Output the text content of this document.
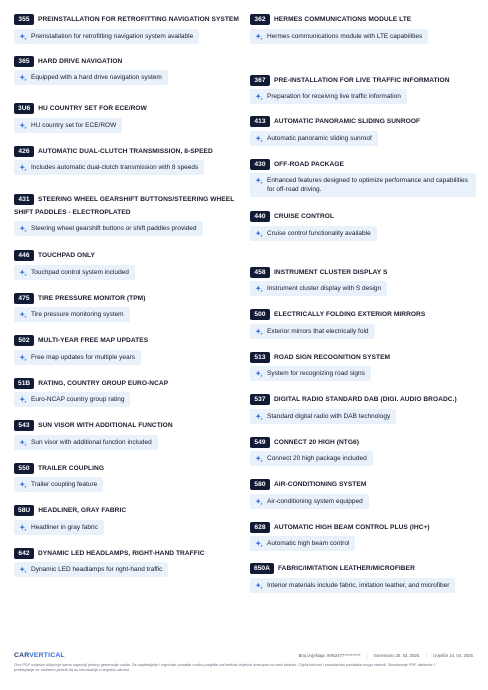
355 PREINSTALLATION FOR RETROFITTING NAVIGATION SYSTEM
Preinstallation for retrofitting navigation system available
365 HARD DRIVE NAVIGATION
Equipped with a hard drive navigation system
3U6 HU COUNTRY SET FOR ECE/ROW
HU country set for ECE/ROW
426 AUTOMATIC DUAL-CLUTCH TRANSMISSION, 8-SPEED
Includes automatic dual-clutch transmission with 8 speeds
431 STEERING WHEEL GEARSHIFT BUTTONS/STEERING WHEEL SHIFT PADDLES - ELECTROPLATED
Steering wheel gearshift buttons or shift paddles provided
446 TOUCHPAD ONLY
Touchpad control system included
475 TIRE PRESSURE MONITOR (TPM)
Tire pressure monitoring system
502 MULTI-YEAR FREE MAP UPDATES
Free map updates for multiple years
51B RATING, COUNTRY GROUP EURO-NCAP
Euro-NCAP country group rating
543 SUN VISOR WITH ADDITIONAL FUNCTION
Sun visor with additional function included
550 TRAILER COUPLING
Trailer coupling feature
58U HEADLINER, GRAY FABRIC
Headliner in gray fabric
642 DYNAMIC LED HEADLAMPS, RIGHT-HAND TRAFFIC
Dynamic LED headlamps for right-hand traffic
362 HERMES COMMUNICATIONS MODULE LTE
Hermes communications module with LTE capabilities
367 PRE-INSTALLATION FOR LIVE TRAFFIC INFORMATION
Preparation for receiving live traffic information
413 AUTOMATIC PANORAMIC SLIDING SUNROOF
Automatic panoramic sliding sunroof
430 OFF-ROAD PACKAGE
Enhanced features designed to optimize performance and capabilities for off-road driving.
440 CRUISE CONTROL
Cruise control functionality available
458 INSTRUMENT CLUSTER DISPLAY S
Instrument cluster display with S design
500 ELECTRICALLY FOLDING EXTERIOR MIRRORS
Exterior mirrors that electrically fold
513 ROAD SIGN RECOGNITION SYSTEM
System for recognizing road signs
537 DIGITAL RADIO STANDARD DAB (DIGI. AUDIO BROADC.)
Standard digital radio with DAB technology
549 CONNECT 20 HIGH (NTG6)
Connect 20 high package included
580 AIR-CONDITIONING SYSTEM
Air-conditioning system equipped
628 AUTOMATIC HIGH BEAM CONTROL PLUS (IHC+)
Automatic high beam control
650A FABRIC/IMITATION LEATHER/MICROFIBER
Interior materials include fabric, imitation leather, and microfiber
CARVERTICAL	Broj izvještaja: WIN2477********** | Generirano 25. 03. 2026. | Izvješće 24. 04. 2026.
Ovo PDF izvješće uključuje samo najnoviji pristup generacije vozila. Za najdetaljnije i najnovije podatke vozila posjetite carVertical izvješće dostupno na web stranici. Cijela točnost i pouzdanost podataka mogu varirati. Skraćivanje PDF datoteke i preklapanje ne možemo jamčiti da su informacije u izvješću ažurne.
